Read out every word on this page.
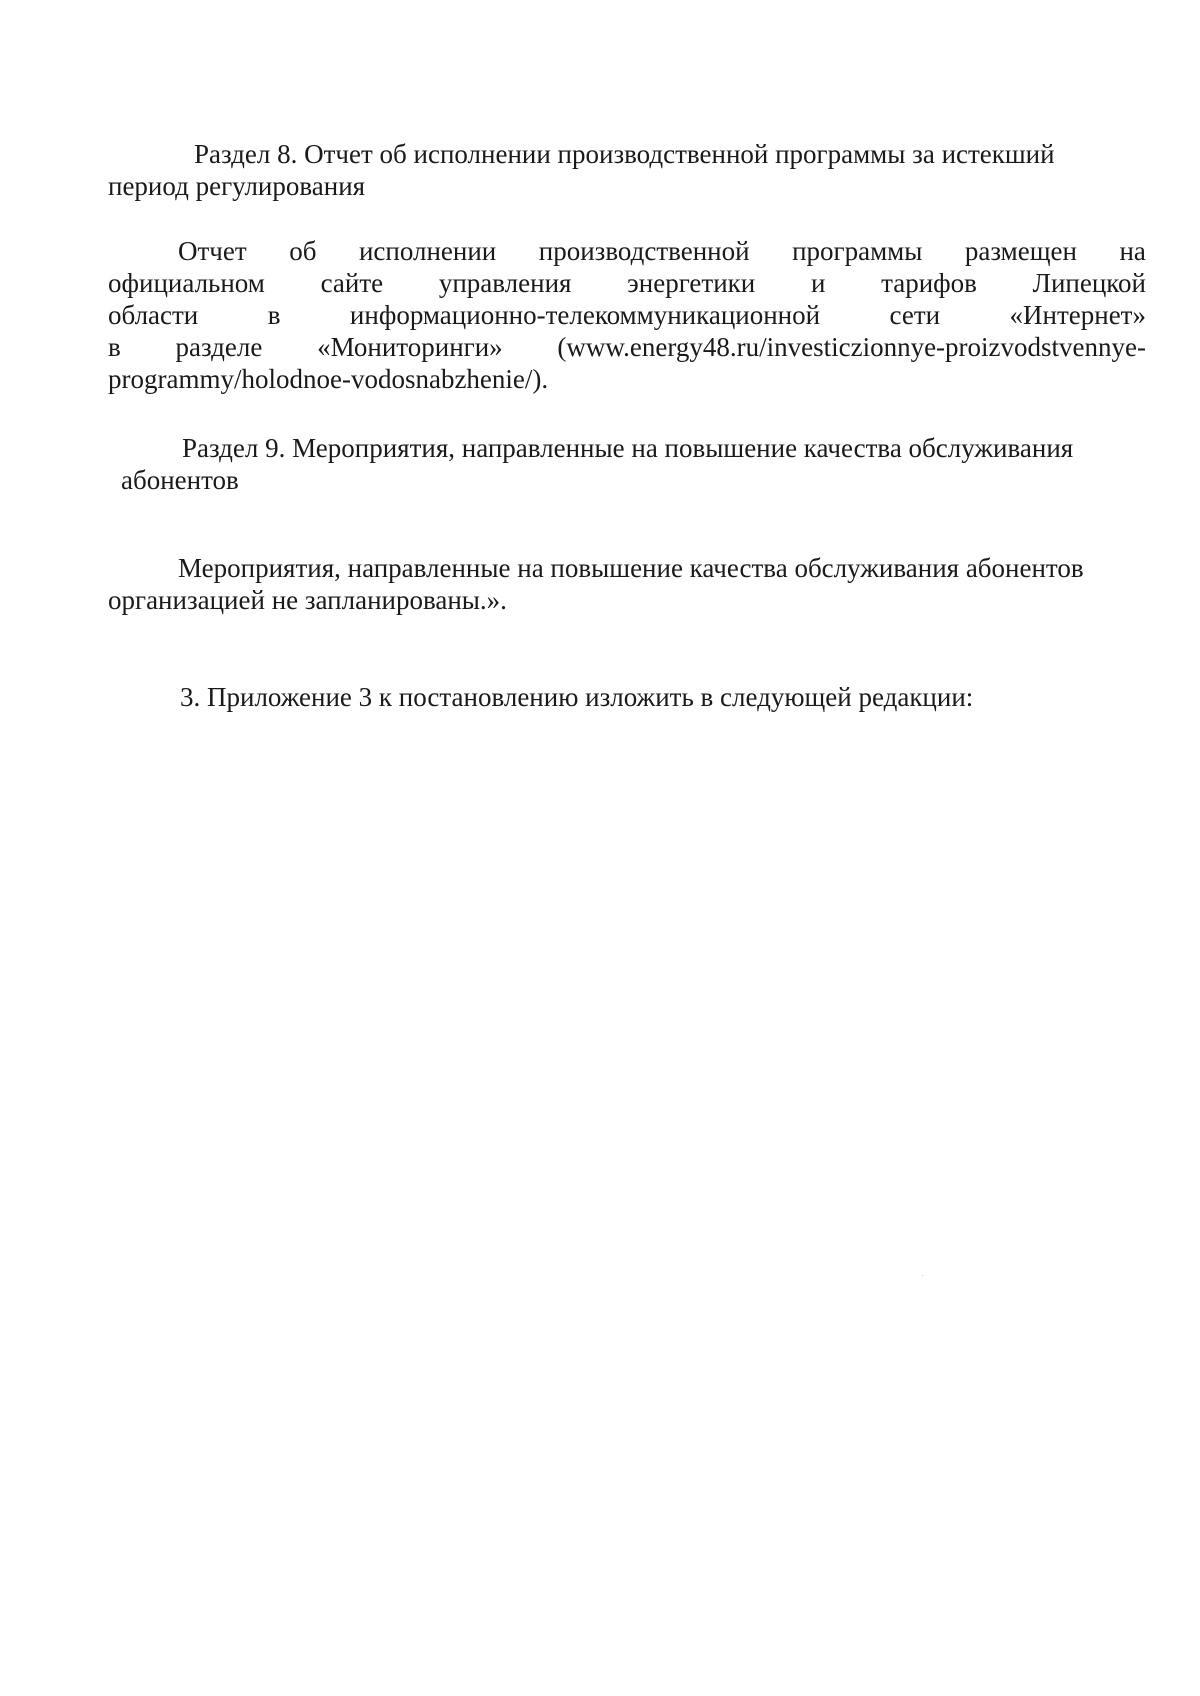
Раздел 8. Отчет об исполнении производственной программы за истекший
период регулирования
Отчет об исполнении производственной программы размещен на
официальном сайте управления энергетики и тарифов Липецкой
области	в	информационно-телекоммуникационной	сети	«Интернет»
в разделе «Мониторинги» (www.energy48.ru/investiczionnye-proizvodstvennye-
programmy/holodnoe-vodosnabzhenie/).
Раздел 9. Мероприятия, направленные на повышение качества обслуживания
абонентов
Мероприятия, направленные на повышение качества обслуживания абонентов
организацией не запланированы.».
3. Приложение 3 к постановлению изложить в следующей редакции:
